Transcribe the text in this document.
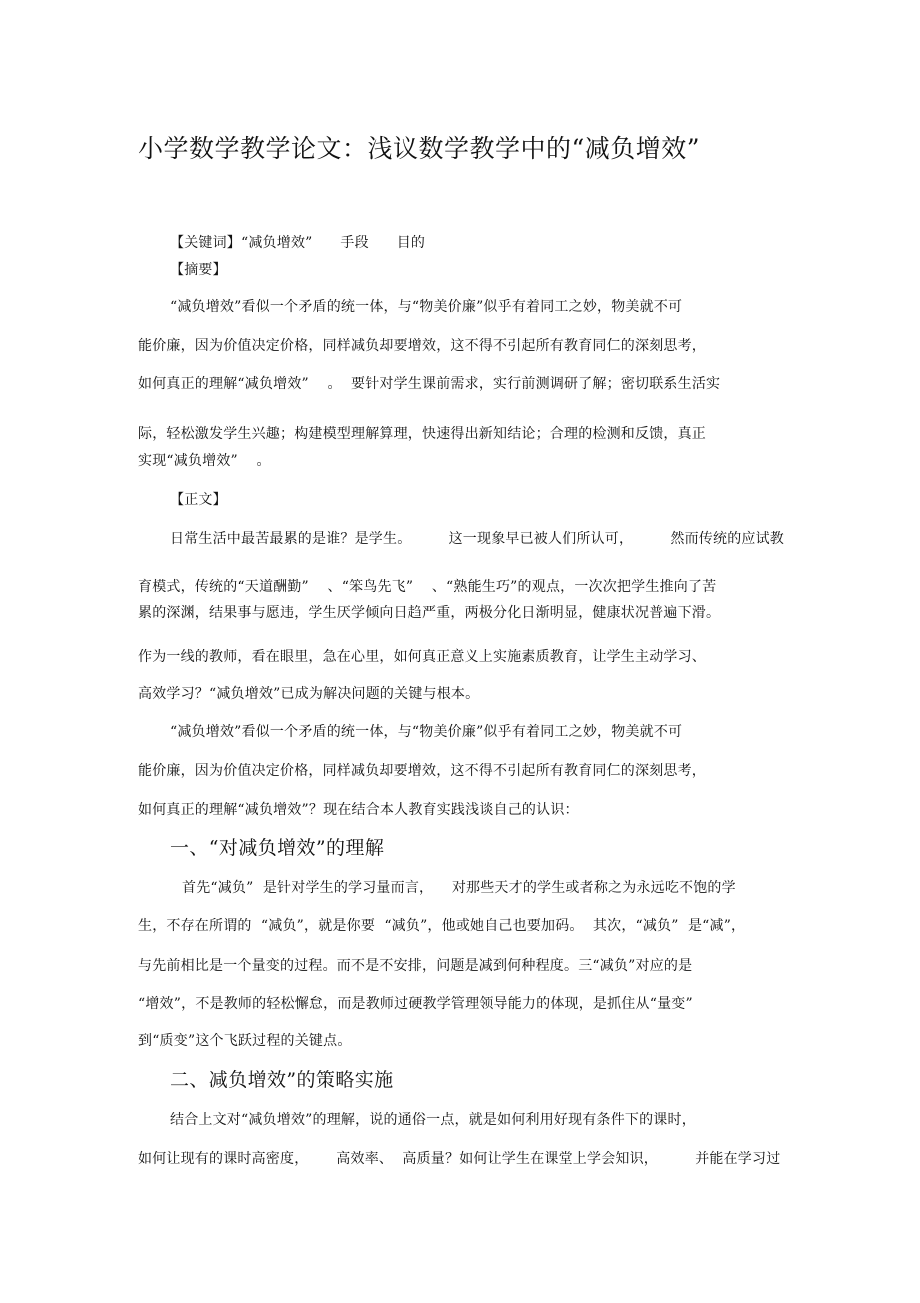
小学数学教学论文：浅议数学教学中的“减负增效”
【关键词】“减负增效”      手段      目的
【摘要】
“减负增效”看似一个矛盾的统一体，与“物美价廉”似乎有着同工之妙，物美就不可
能价廉，因为价值决定价格，同样减负却要增效，这不得不引起所有教育同仁的深刻思考，
如何真正的理解“减负增效”    。  要针对学生课前需求，实行前测调研了解；密切联系生活实
际，轻松激发学生兴趣；构建模型理解算理，快速得出新知结论；合理的检测和反馈，真正
实现“减负增效”    。
【正文】
日常生活中最苦最累的是谁？是学生。        这一现象早已被人们所认可，        然而传统的应试教
育模式，传统的“天道酬勤”    、“笨鸟先飞”    、“熟能生巧”的观点，一次次把学生推向了苦
累的深渊，结果事与愿违，学生厌学倾向日趋严重，两极分化日渐明显，健康状况普遍下滑。
作为一线的教师，看在眼里，急在心里，如何真正意义上实施素质教育，让学生主动学习、
高效学习？“减负增效”已成为解决问题的关键与根本。
“减负增效”看似一个矛盾的统一体，与“物美价廉”似乎有着同工之妙，物美就不可
能价廉，因为价值决定价格，同样减负却要增效，这不得不引起所有教育同仁的深刻思考，
如何真正的理解“减负增效”？现在结合本人教育实践浅谈自己的认识：
一、“对减负增效”的理解
首先“减负”  是针对学生的学习量而言，    对那些天才的学生或者称之为永远吃不饱的学
生，不存在所谓的  “减负”，就是你要  “减负”，他或她自己也要加码。  其次，“减负”  是“减”，
与先前相比是一个量变的过程。而不是不安排，问题是减到何种程度。三“减负”对应的是
“增效”，不是教师的轻松懈怠，而是教师过硬教学管理领导能力的体现，是抓住从“量变”
到“质变”这个飞跃过程的关键点。
二、减负增效”的策略实施
结合上文对“减负增效”的理解，说的通俗一点，就是如何利用好现有条件下的课时，
如何让现有的课时高密度，      高效率、  高质量？如何让学生在课堂上学会知识，        并能在学习过
